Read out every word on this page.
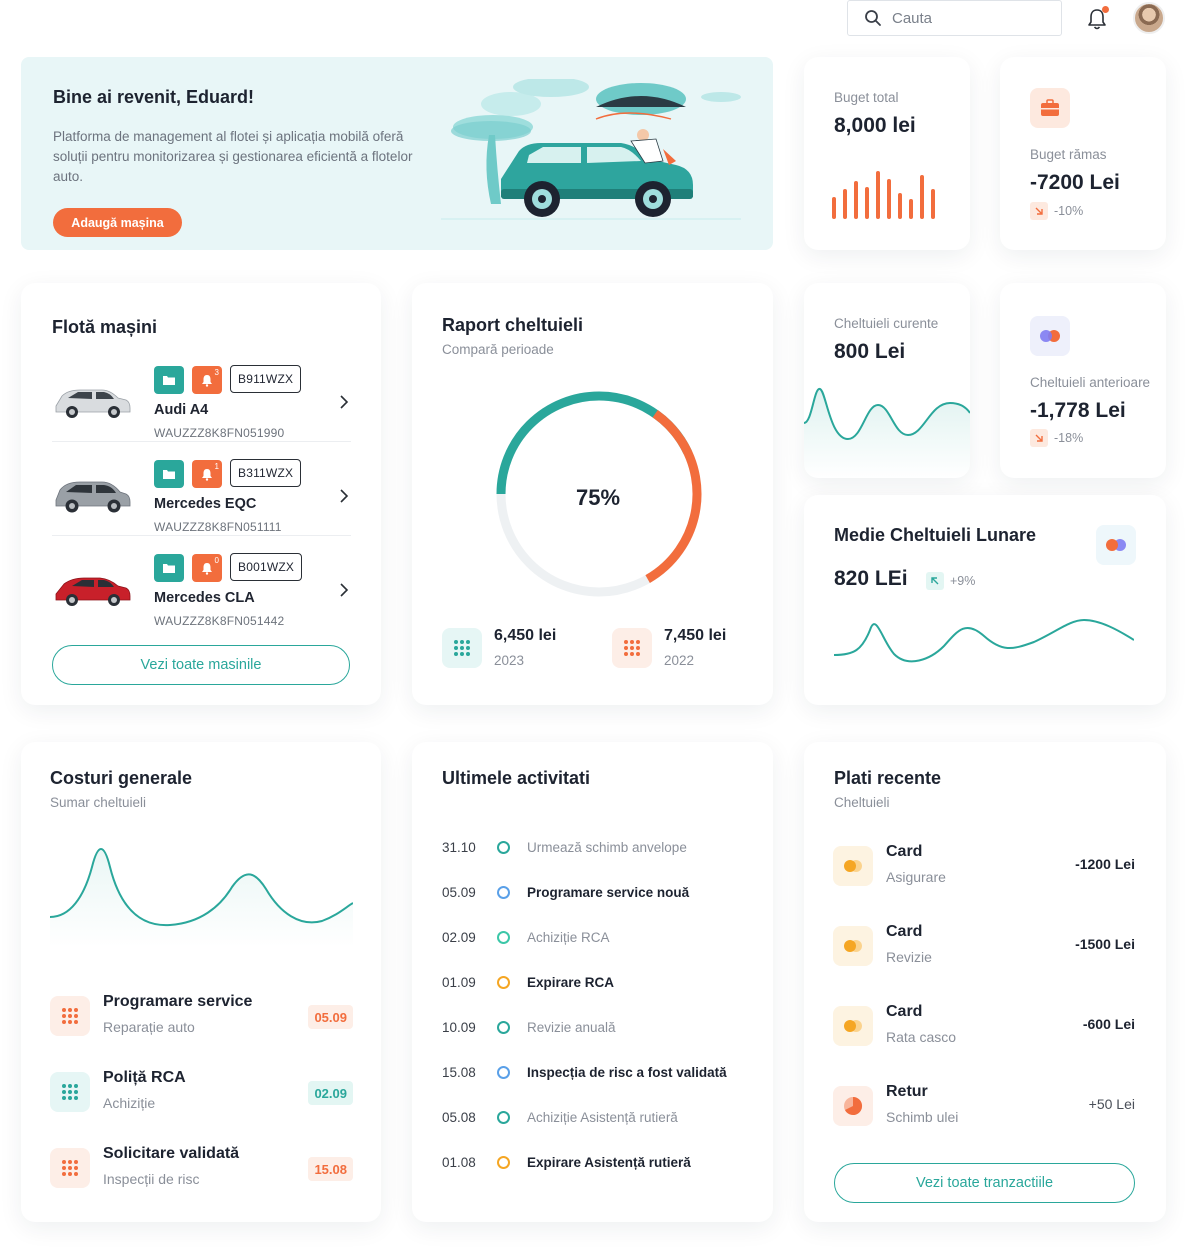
Cauta
Bine ai revenit, Eduard!

Platforma de management al flotei și aplicația mobilă oferă soluții pentru monitorizarea și gestionarea eficientă a flotelor auto.

Adaugă mașina
Buget total
8,000 lei
Buget rămas
-7200 Lei
-10%
Flotă mașini
3	B911WZX
Audi A4
WAUZZZ8K8FN051990
1	B311WZX
Mercedes EQC
WAUZZZ8K8FN051111
0	B001WZX
Mercedes CLA
WAUZZZ8K8FN051442
Vezi toate masinile
Raport cheltuieli
Compară perioade
75%
6,450 lei
2023
7,450 lei
2022
Cheltuieli curente
800 Lei
Cheltuieli anterioare
-1,778 Lei
-18%
Medie Cheltuieli Lunare
820 LEi	+9%
Costuri generale
Sumar cheltuieli
Programare service
Reparație auto
05.09
Poliță RCA
Achiziție
02.09
Solicitare validată
Inspecții de risc
15.08
Ultimele activitati
31.10	Urmează schimb anvelope
05.09	Programare service nouă
02.09	Achiziție RCA
01.09	Expirare RCA
10.09	Revizie anuală
15.08	Inspecția de risc a fost validată
05.08	Achiziție Asistență rutieră
01.08	Expirare Asistență rutieră
Plati recente
Cheltuieli
Card
Asigurare
-1200 Lei
Card
Revizie
-1500 Lei
Card
Rata casco
-600 Lei
Retur
Schimb ulei
+50 Lei
Vezi toate tranzactiile
